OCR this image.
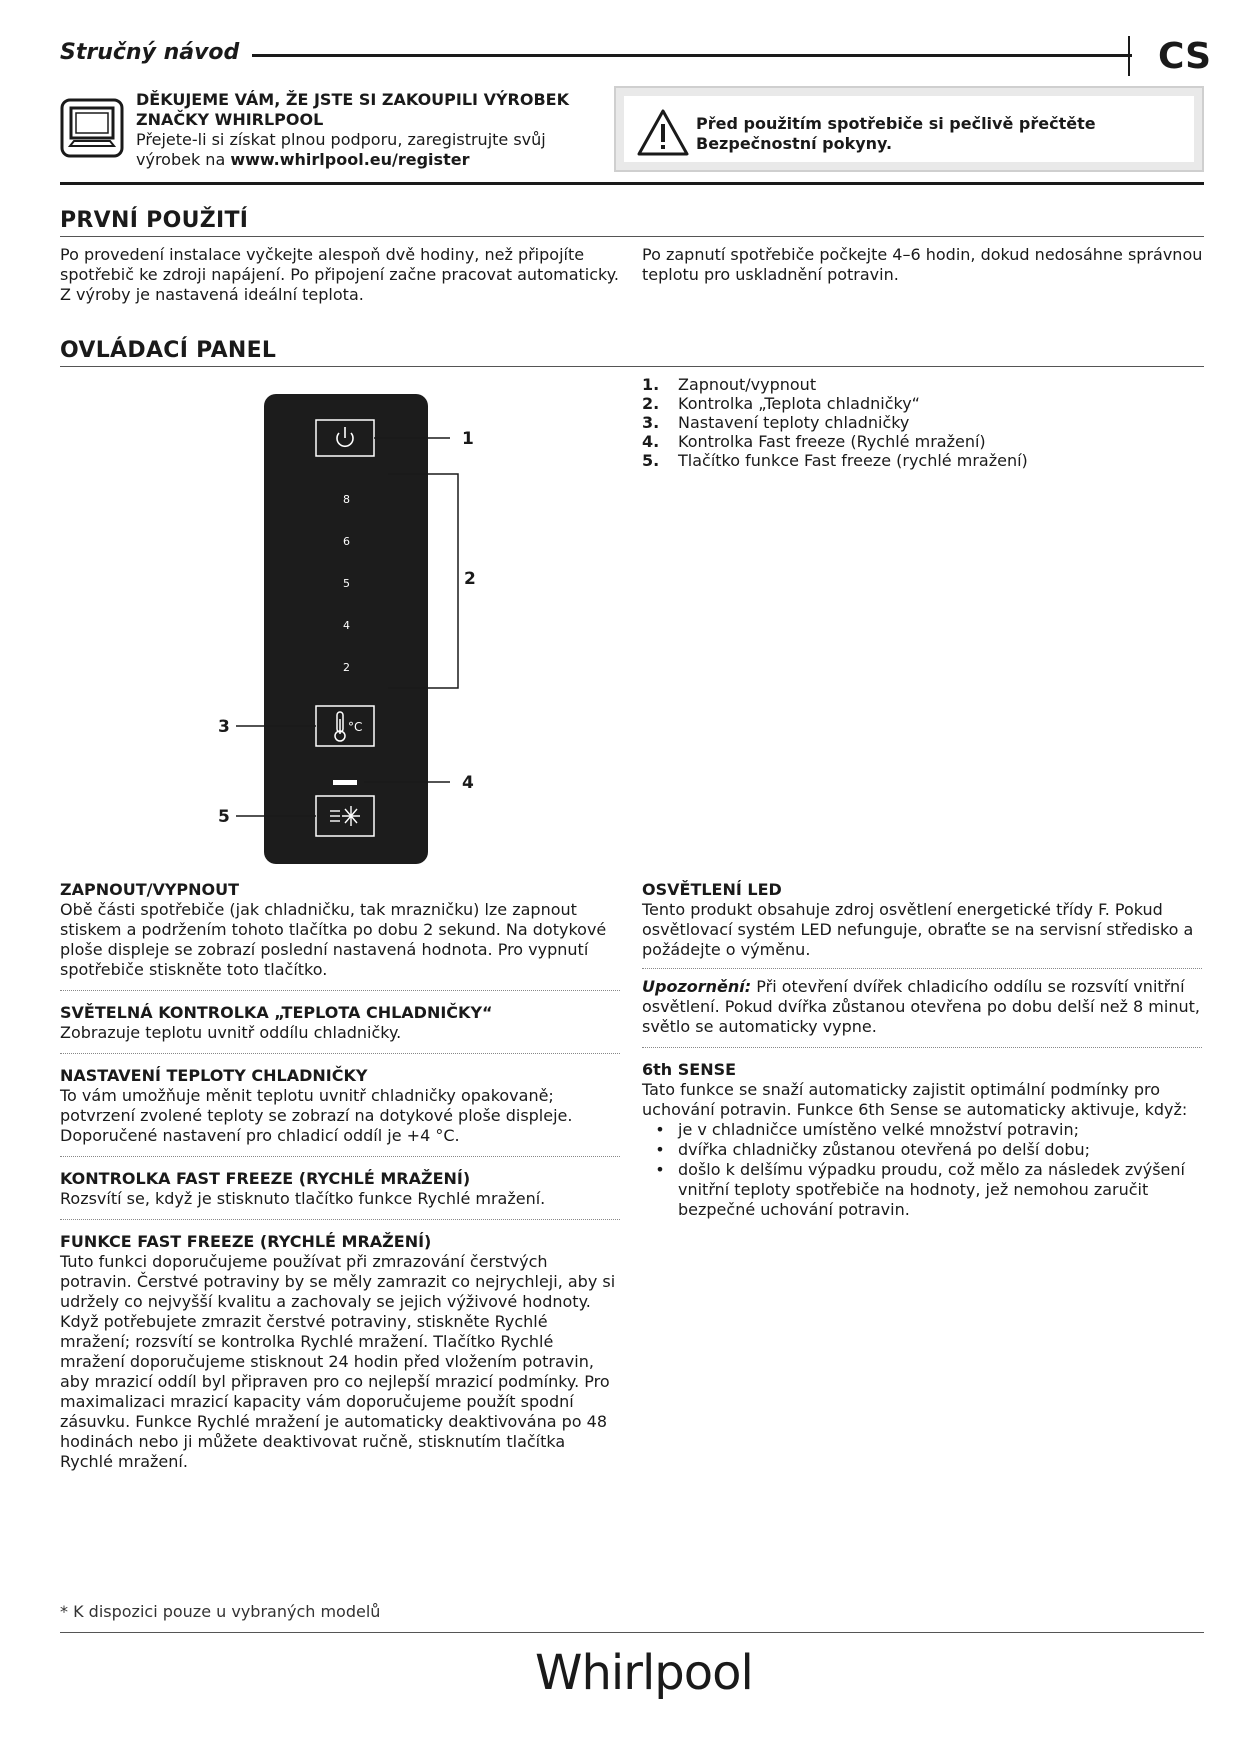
Stručný návod	CS
DĚKUJEME VÁM, ŽE JSTE SI ZAKOUPILI VÝROBEK ZNAČKY WHIRLPOOL
Přejete-li si získat plnou podporu, zaregistrujte svůj výrobek na www.whirlpool.eu/register
Před použitím spotřebiče si pečlivě přečtěte Bezpečnostní pokyny.
PRVNÍ POUŽITÍ
Po provedení instalace vyčkejte alespoň dvě hodiny, než připojíte spotřebič ke zdroji napájení. Po připojení začne pracovat automaticky. Z výroby je nastavená ideální teplota.
Po zapnutí spotřebiče počkejte 4–6 hodin, dokud nedosáhne správnou teplotu pro uskladnění potravin.
OVLÁDACÍ PANEL
1.	Zapnout/vypnout
2.	Kontrolka „Teplota chladničky“
3.	Nastavení teploty chladničky
4.	Kontrolka Fast freeze (Rychlé mražení)
5.	Tlačítko funkce Fast freeze (rychlé mražení)
1
8
6
5
4
2
2
°C
3
4
5
ZAPNOUT/VYPNOUT
Obě části spotřebiče (jak chladničku, tak mrazničku) lze zapnout stiskem a podržením tohoto tlačítka po dobu 2 sekund. Na dotykové ploše displeje se zobrazí poslední nastavená hodnota. Pro vypnutí spotřebiče stiskněte toto tlačítko.
SVĚTELNÁ KONTROLKA „TEPLOTA CHLADNIČKY“
Zobrazuje teplotu uvnitř oddílu chladničky.
NASTAVENÍ TEPLOTY CHLADNIČKY
To vám umožňuje měnit teplotu uvnitř chladničky opakovaně; potvrzení zvolené teploty se zobrazí na dotykové ploše displeje. Doporučené nastavení pro chladicí oddíl je +4 °C.
KONTROLKA FAST FREEZE (RYCHLÉ MRAŽENÍ)
Rozsvítí se, když je stisknuto tlačítko funkce Rychlé mražení.
FUNKCE FAST FREEZE (RYCHLÉ MRAŽENÍ)
Tuto funkci doporučujeme používat při zmrazování čerstvých potravin. Čerstvé potraviny by se měly zamrazit co nejrychleji, aby si udržely co nejvyšší kvalitu a zachovaly se jejich výživové hodnoty. Když potřebujete zmrazit čerstvé potraviny, stiskněte Rychlé mražení; rozsvítí se kontrolka Rychlé mražení. Tlačítko Rychlé mražení doporučujeme stisknout 24 hodin před vložením potravin, aby mrazicí oddíl byl připraven pro co nejlepší mrazicí podmínky. Pro maximalizaci mrazicí kapacity vám doporučujeme použít spodní zásuvku. Funkce Rychlé mražení je automaticky deaktivována po 48 hodinách nebo ji můžete deaktivovat ručně, stisknutím tlačítka Rychlé mražení.
OSVĚTLENÍ LED
Tento produkt obsahuje zdroj osvětlení energetické třídy F. Pokud osvětlovací systém LED nefunguje, obraťte se na servisní středisko a požádejte o výměnu.
Upozornění: Při otevření dvířek chladicího oddílu se rozsvítí vnitřní osvětlení. Pokud dvířka zůstanou otevřena po dobu delší než 8 minut, světlo se automaticky vypne.
6th SENSE
Tato funkce se snaží automaticky zajistit optimální podmínky pro uchování potravin. Funkce 6th Sense se automaticky aktivuje, když:
• je v chladničce umístěno velké množství potravin;
• dvířka chladničky zůstanou otevřená po delší dobu;
• došlo k delšímu výpadku proudu, což mělo za následek zvýšení vnitřní teploty spotřebiče na hodnoty, jež nemohou zaručit bezpečné uchování potravin.
* K dispozici pouze u vybraných modelů
Whirlpool
